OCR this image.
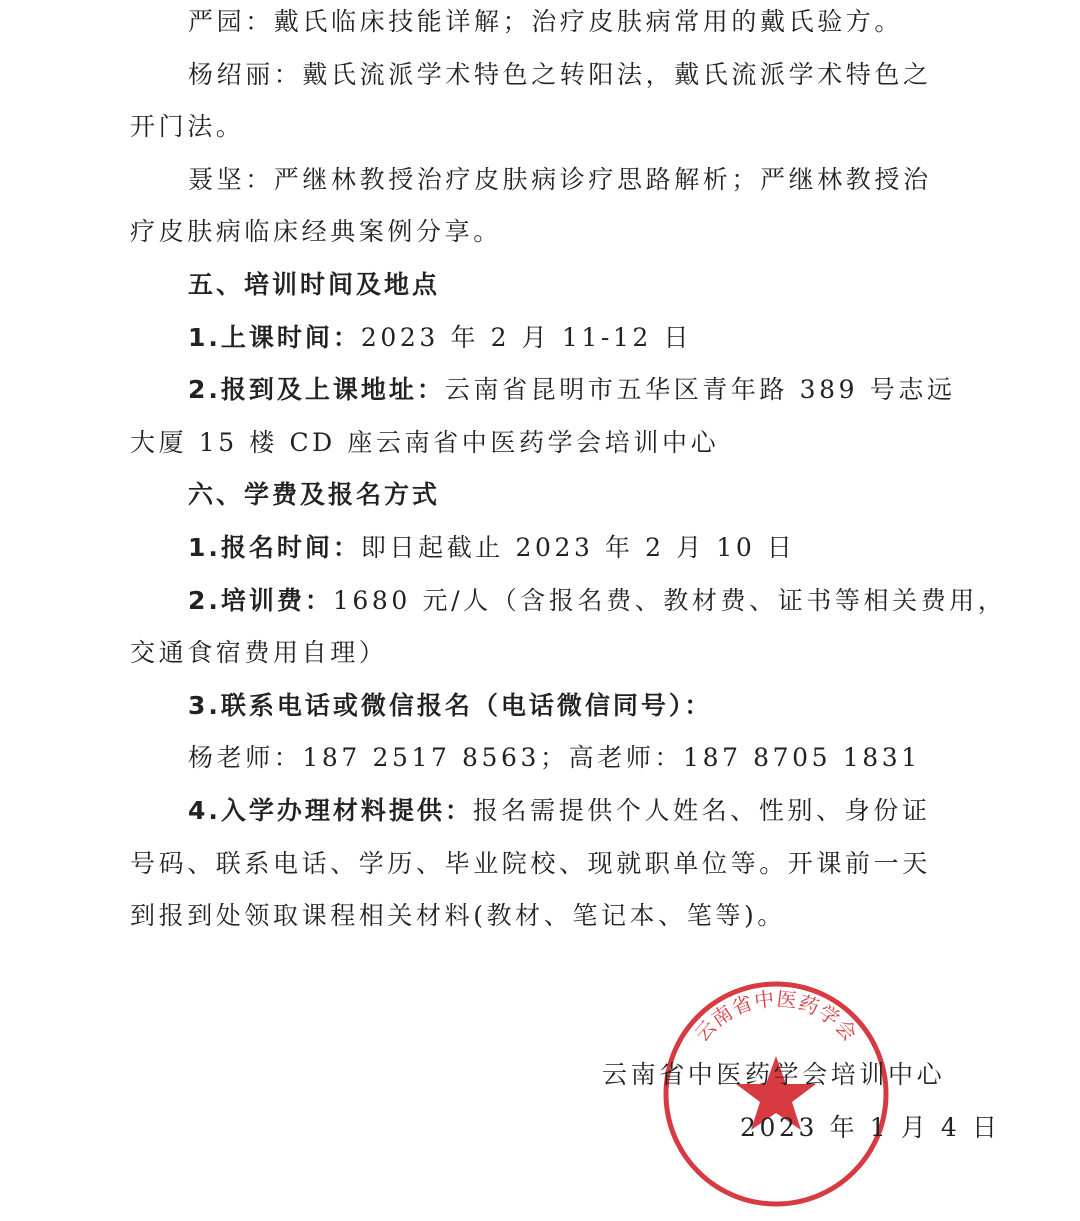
严园：戴氏临床技能详解；治疗皮肤病常用的戴氏验方。
杨绍丽：戴氏流派学术特色之转阳法，戴氏流派学术特色之
开门法。
聂坚：严继林教授治疗皮肤病诊疗思路解析；严继林教授治
疗皮肤病临床经典案例分享。
五、培训时间及地点
1.上课时间：2023 年 2 月 11-12 日
2.报到及上课地址：云南省昆明市五华区青年路 389 号志远
大厦 15 楼 CD 座云南省中医药学会培训中心
六、学费及报名方式
1.报名时间：即日起截止 2023 年 2 月 10 日
2.培训费：1680 元/人（含报名费、教材费、证书等相关费用，
交通食宿费用自理）
3.联系电话或微信报名（电话微信同号）：
杨老师：187 2517 8563；高老师：187 8705 1831
4.入学办理材料提供：报名需提供个人姓名、性别、身份证
号码、联系电话、学历、毕业院校、现就职单位等。开课前一天
到报到处领取课程相关材料(教材、笔记本、笔等)。
云南省中医药学会
云南省中医药学会培训中心
2023 年 1 月 4 日
